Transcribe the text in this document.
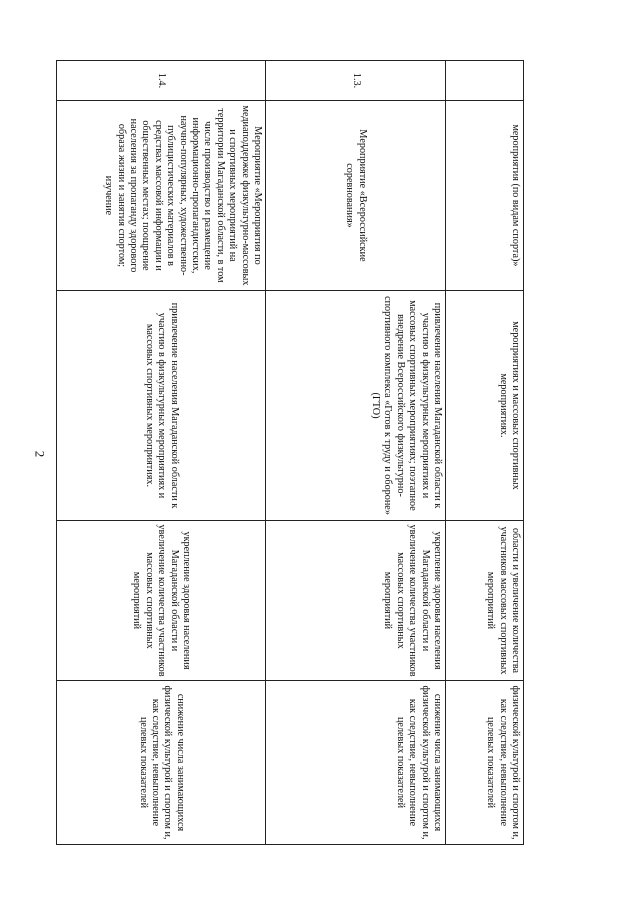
2
	мероприятия (по видам спорта)»	мероприятиях и массовых спортивных мероприятиях.	области и увеличение количества участников массовых спортивных мероприятий	физической культурой и спортом и, как следствие, невыполнение целевых показателей
1.3.	Мероприятие «Всероссийские соревнования»	привлечение населения Магаданской области к участию в физкультурных мероприятиях и массовых спортивных мероприятиях; поэтапное внедрение Всероссийского физкультурно-спортивного комплекса «Готов к труду и обороне» (ГТО)	укрепление здоровья населения Магаданской области и увеличение количества участников массовых спортивных мероприятий	снижение числа занимающихся физической культурой и спортом и, как следствие, невыполнение целевых показателей
1.4.	Мероприятие «Мероприятия по медиаподдержке физкультурно-массовых и спортивных мероприятий на территории Магаданской области, в том числе производство и размещение информационно-пропагандистских, научно-популярных, художественно-публицистических материалов в средствах массовой информации и общественных местах; поощрение населения за пропаганду здорового образа жизни и занятия спортом; изучение	привлечение населения Магаданской области к участию в физкультурных мероприятиях и массовых спортивных мероприятиях.	укрепление здоровья населения Магаданской области и увеличение количества участников массовых спортивных мероприятий	снижение числа занимающихся физической культурой и спортом и, как следствие, невыполнение целевых показателей
